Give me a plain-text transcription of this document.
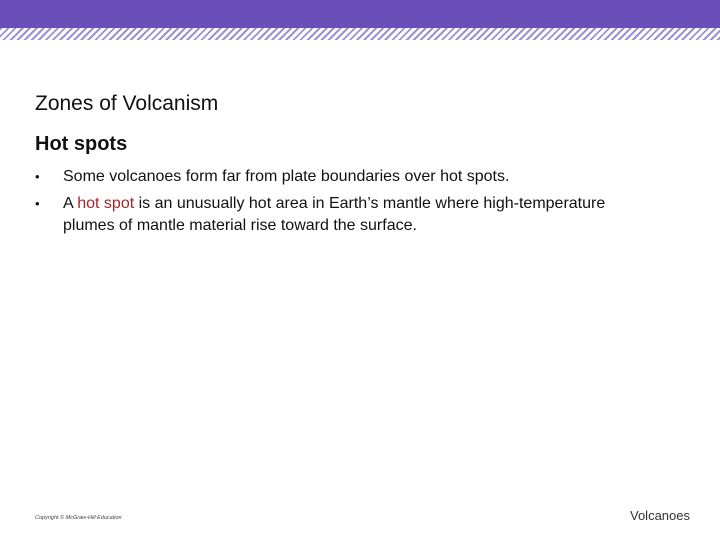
Zones of Volcanism
Hot spots
•	Some volcanoes form far from plate boundaries over hot spots.
•	A hot spot is an unusually hot area in Earth’s mantle where high-temperature plumes of mantle material rise toward the surface.
Copyright © McGraw-Hill Education	Volcanoes
